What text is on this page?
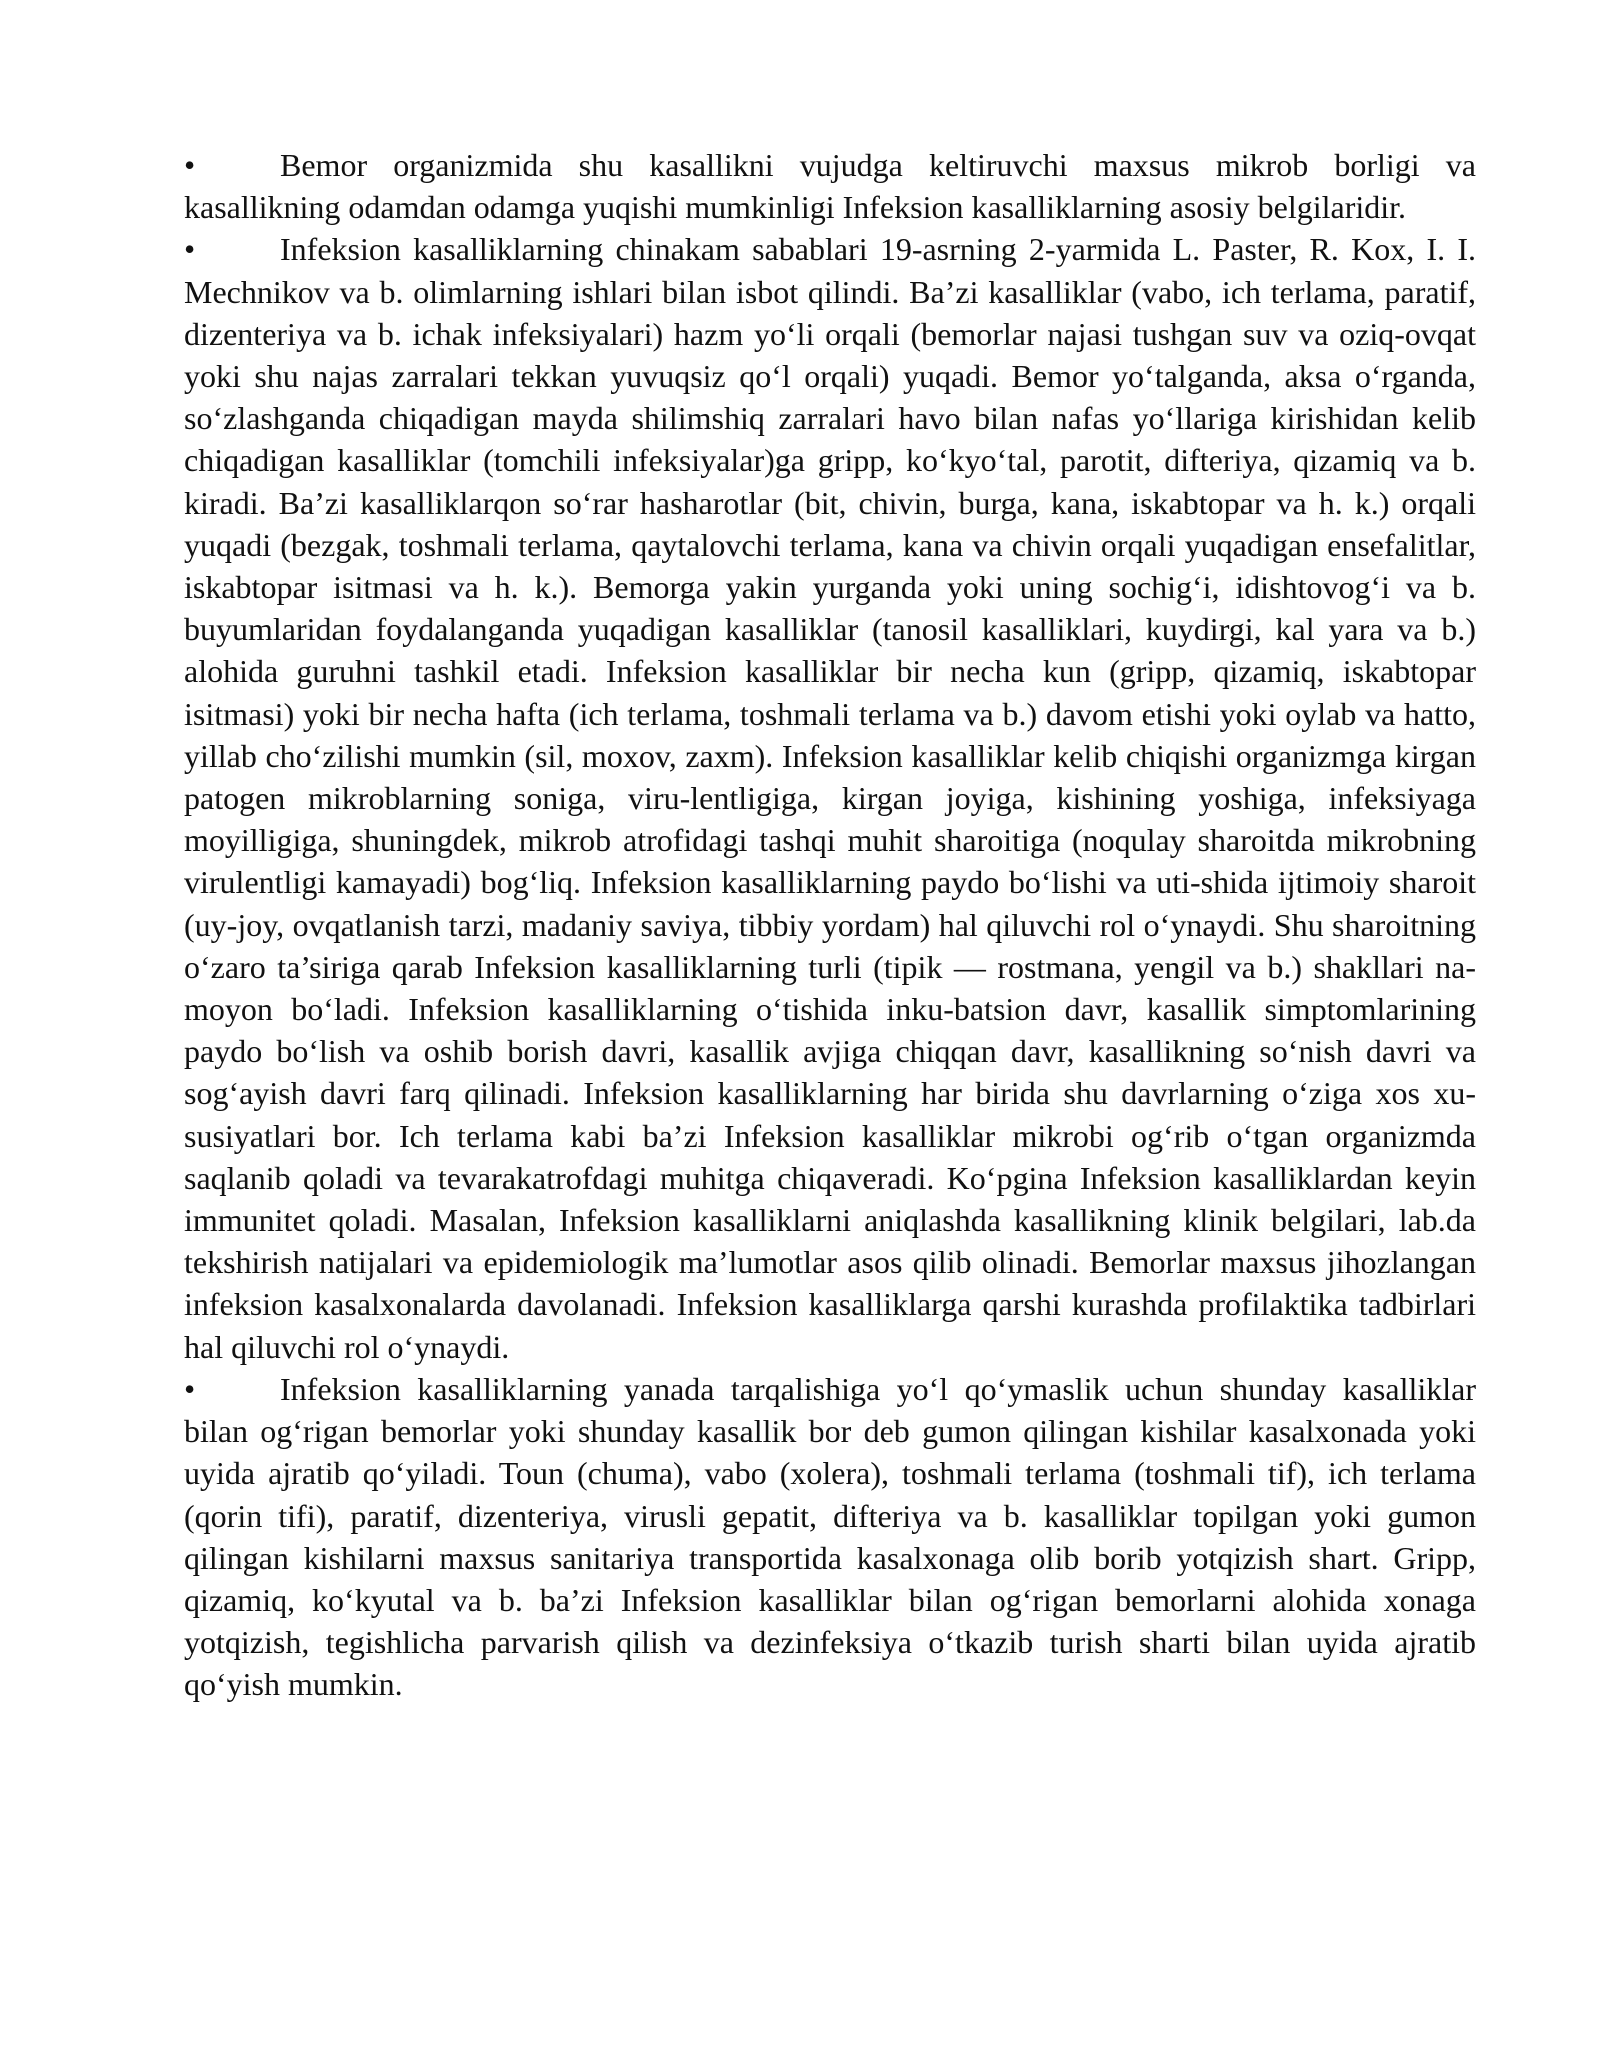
•	Bemor organizmida shu kasallikni vujudga keltiruvchi maxsus mikrob borligi va kasallikning odamdan odamga yuqishi mumkinligi Infeksion kasalliklarning asosiy belgilaridir.

•	Infeksion kasalliklarning chinakam sabablari 19-asrning 2-yarmida L. Paster, R. Kox, I. I. Mechnikov va b. olimlarning ishlari bilan isbot qilindi. Ba’zi kasalliklar (vabo, ich terlama, paratif, dizenteriya va b. ichak infeksiyalari) hazm yo‘li orqali (bemorlar najasi tushgan suv va oziq-ovqat yoki shu najas zarralari tekkan yuvuqsiz qo‘l orqali) yuqadi. Bemor yo‘talganda, aksa o‘rganda, so‘zlashganda chiqadigan mayda shilimshiq zarralari havo bilan nafas yo‘llariga kirishidan kelib chiqadigan kasalliklar (tomchili infeksiyalar)ga gripp, ko‘kyo‘tal, parotit, difteriya, qizamiq va b. kiradi. Ba’zi kasalliklarqon so‘rar hasharotlar (bit, chivin, burga, kana, iskabtopar va h. k.) orqali yuqadi (bezgak, toshmali terlama, qaytalovchi terlama, kana va chivin orqali yuqadigan ensefalitlar, iskabtopar isitmasi va h. k.). Bemorga yakin yurganda yoki uning sochig‘i, idishtovog‘i va b. buyumlaridan foydalanganda yuqadigan kasalliklar (tanosil kasalliklari, kuydirgi, kal yara va b.) alohida guruhni tashkil etadi. Infeksion kasalliklar bir necha kun (gripp, qizamiq, iskabtopar isitmasi) yoki bir necha hafta (ich terlama, toshmali terlama va b.) davom etishi yoki oylab va hatto, yillab cho‘zilishi mumkin (sil, moxov, zaxm). Infeksion kasalliklar kelib chiqishi organizmga kirgan patogen mikroblarning soniga, viru-lentligiga, kirgan joyiga, kishining yoshiga, infeksiyaga moyilligiga, shuningdek, mikrob atrofidagi tashqi muhit sharoitiga (noqulay sharoitda mikrobning virulentligi kamayadi) bog‘liq. Infeksion kasalliklarning paydo bo‘lishi va uti-shida ijtimoiy sharoit (uy-joy, ovqatlanish tarzi, madaniy saviya, tibbiy yordam) hal qiluvchi rol o‘ynaydi. Shu sharoitning o‘zaro ta’siriga qarab Infeksion kasalliklarning turli (tipik — rostmana, yengil va b.) shakllari na-moyon bo‘ladi. Infeksion kasalliklarning o‘tishida inku-batsion davr, kasallik simptomlarining paydo bo‘lish va oshib borish davri, kasallik avjiga chiqqan davr, kasallikning so‘nish davri va sog‘ayish davri farq qilinadi. Infeksion kasalliklarning har birida shu davrlarning o‘ziga xos xu-susiyatlari bor. Ich terlama kabi ba’zi Infeksion kasalliklar mikrobi og‘rib o‘tgan organizmda saqlanib qoladi va tevarakatrofdagi muhitga chiqaveradi. Ko‘pgina Infeksion kasalliklardan keyin immunitet qoladi. Masalan, Infeksion kasalliklarni aniqlashda kasallikning klinik belgilari, lab.da tekshirish natijalari va epidemiologik ma’lumotlar asos qilib olinadi. Bemorlar maxsus jihozlangan infeksion kasalxonalarda davolanadi. Infeksion kasalliklarga qarshi kurashda profilaktika tadbirlari hal qiluvchi rol o‘ynaydi.

•	Infeksion kasalliklarning yanada tarqalishiga yo‘l qo‘ymaslik uchun shunday kasalliklar bilan og‘rigan bemorlar yoki shunday kasallik bor deb gumon qilingan kishilar kasalxonada yoki uyida ajratib qo‘yiladi. Toun (chuma), vabo (xolera), toshmali terlama (toshmali tif), ich terlama (qorin tifi), paratif, dizenteriya, virusli gepatit, difteriya va b. kasalliklar topilgan yoki gumon qilingan kishilarni maxsus sanitariya transportida kasalxonaga olib borib yotqizish shart. Gripp, qizamiq, ko‘kyutal va b. ba’zi Infeksion kasalliklar bilan og‘rigan bemorlarni alohida xonaga yotqizish, tegishlicha parvarish qilish va dezinfeksiya o‘tkazib turish sharti bilan uyida ajratib qo‘yish mumkin.
